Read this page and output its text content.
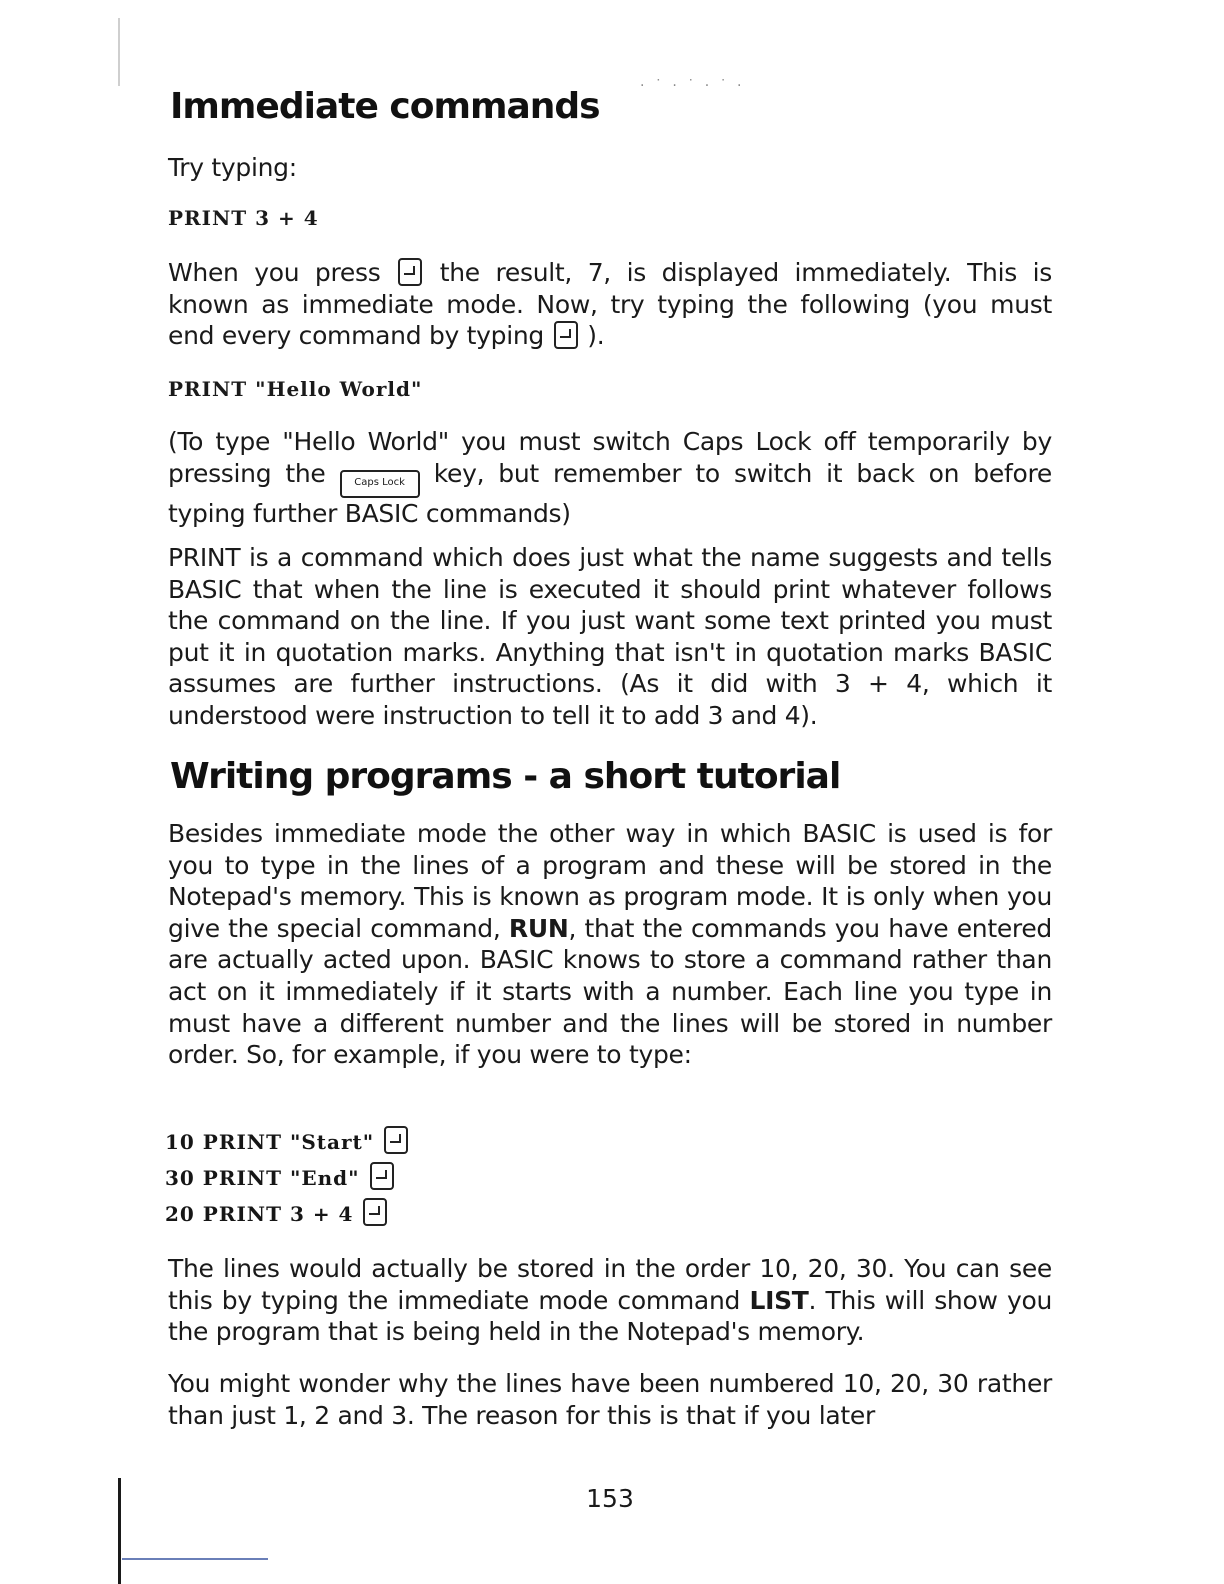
· ˙ · ˙ · ˙ ·
Immediate commands

Try typing:

PRINT 3 + 4

When you press the result, 7, is displayed immediately. This is known as immediate mode. Now, try typing the following (you must end every command by typing ).

PRINT "Hello World"

(To type "Hello World" you must switch Caps Lock off temporarily by pressing the	Caps Lock key, but remember to switch it back on before typing further BASIC commands)

PRINT is a command which does just what the name suggests and tells BASIC that when the line is executed it should print whatever follows the command on the line. If you just want some text printed you must put it in quotation marks. Anything that isn't in quotation marks BASIC assumes are further instructions. (As it did with 3 + 4, which it understood were instruction to tell it to add 3 and 4).

Writing programs - a short tutorial

Besides immediate mode the other way in which BASIC is used is for you to type in the lines of a program and these will be stored in the Notepad's memory. This is known as program mode. It is only when you give the special command, RUN, that the commands you have entered are actually acted upon. BASIC knows to store a command rather than act on it immediately if it starts with a number. Each line you type in must have a different number and the lines will be stored in number order. So, for example, if you were to type:

10 PRINT "Start"
30 PRINT "End"
20 PRINT 3 + 4

The lines would actually be stored in the order 10, 20, 30. You can see this by typing the immediate mode command LIST. This will show you the program that is being held in the Notepad's memory.

You might wonder why the lines have been numbered 10, 20, 30 rather than just 1, 2 and 3. The reason for this is that if you later

153
